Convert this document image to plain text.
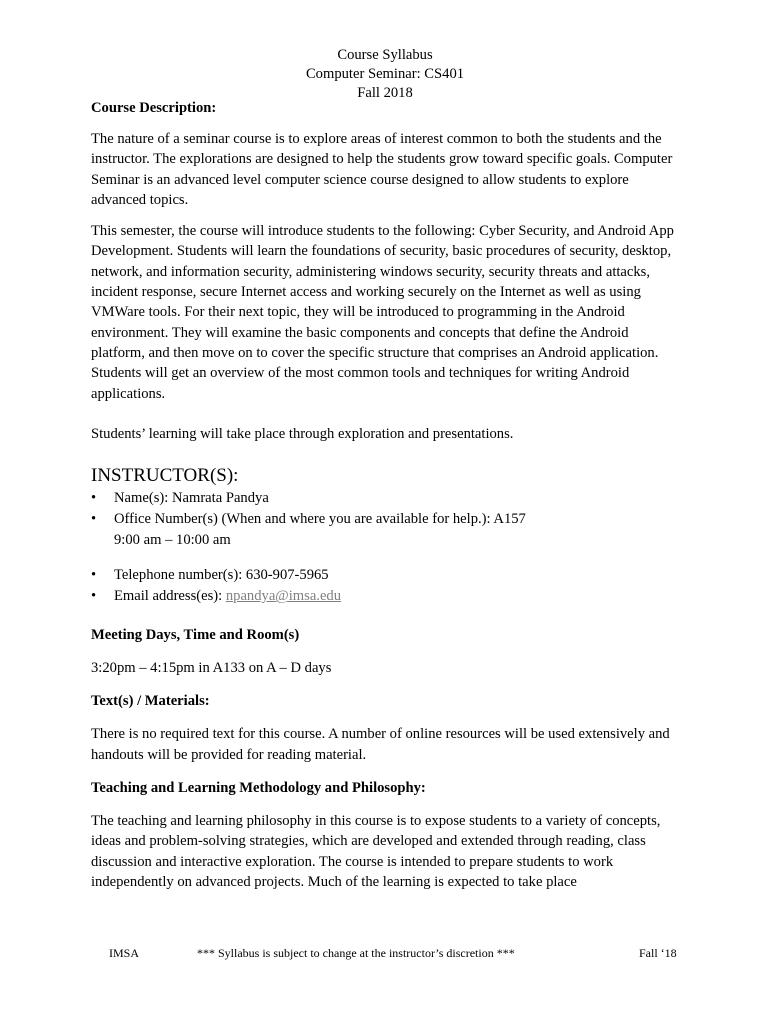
Course Syllabus
Computer Seminar: CS401
Fall 2018
Course Description:

The nature of a seminar course is to explore areas of interest common to both the students and the instructor. The explorations are designed to help the students grow toward specific goals. Computer Seminar is an advanced level computer science course designed to allow students to explore advanced topics.

This semester, the course will introduce students to the following: Cyber Security, and Android App Development. Students will learn the foundations of security, basic procedures of security, desktop, network, and information security, administering windows security, security threats and attacks, incident response, secure Internet access and working securely on the Internet as well as using VMWare tools. For their next topic, they will be introduced to programming in the Android environment. They will examine the basic components and concepts that define the Android platform, and then move on to cover the specific structure that comprises an Android application. Students will get an overview of the most common tools and techniques for writing Android applications.

Students’ learning will take place through exploration and presentations.

INSTRUCTOR(S):
• Name(s): Namrata Pandya
• Office Number(s) (When and where you are available for help.): A157
9:00 am – 10:00 am
• Telephone number(s): 630-907-5965
• Email address(es): npandya@imsa.edu
Meeting Days, Time and Room(s)

3:20pm – 4:15pm in A133 on A – D days

Text(s) / Materials:

There is no required text for this course. A number of online resources will be used extensively and handouts will be provided for reading material.

Teaching and Learning Methodology and Philosophy:

The teaching and learning philosophy in this course is to expose students to a variety of concepts, ideas and problem-solving strategies, which are developed and extended through reading, class discussion and interactive exploration. The course is intended to prepare students to work independently on advanced projects. Much of the learning is expected to take place

IMSA	*** Syllabus is subject to change at the instructor’s discretion ***	Fall ‘18
